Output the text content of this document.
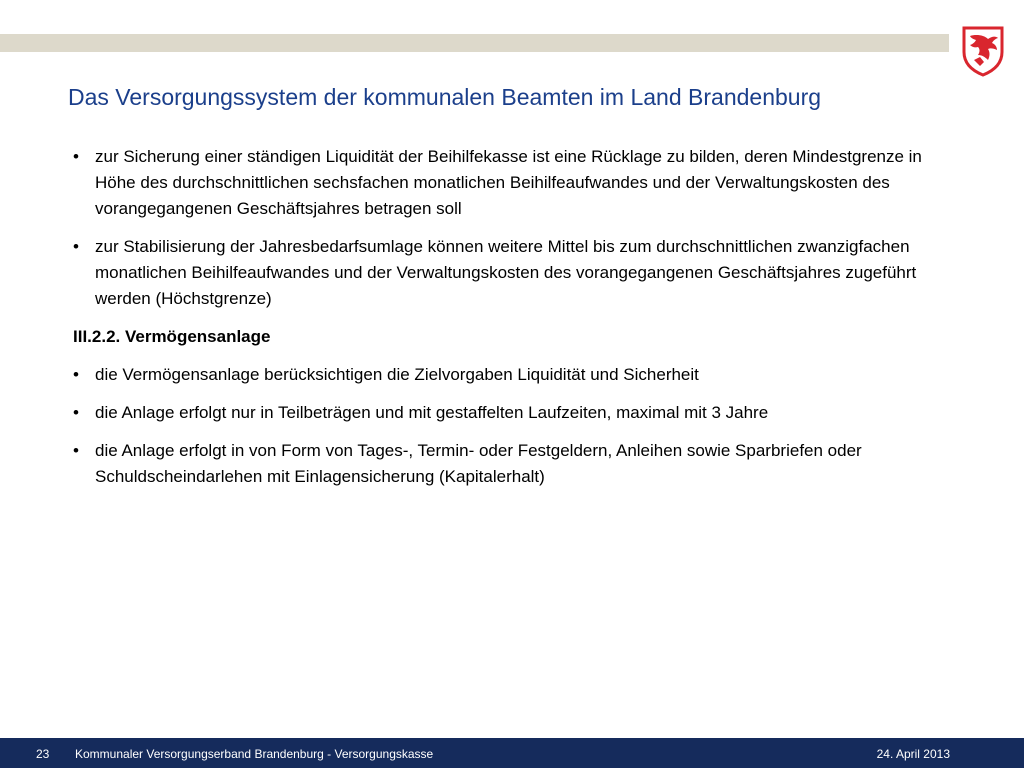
Das Versorgungssystem der kommunalen Beamten im Land Brandenburg
• zur Sicherung einer ständigen Liquidität der Beihilfekasse ist eine Rücklage zu bilden, deren Mindestgrenze in Höhe des durchschnittlichen sechsfachen monatlichen Beihilfeaufwandes und der Verwaltungskosten des vorangegangenen Geschäftsjahres betragen soll
• zur Stabilisierung der Jahresbedarfsumlage können weitere Mittel bis zum durchschnittlichen zwanzigfachen monatlichen Beihilfeaufwandes und der Verwaltungskosten des vorangegangenen Geschäftsjahres zugeführt werden (Höchstgrenze)
III.2.2. Vermögensanlage
• die Vermögensanlage berücksichtigen die Zielvorgaben Liquidität und Sicherheit
• die Anlage erfolgt nur in Teilbeträgen und mit gestaffelten Laufzeiten, maximal mit 3 Jahre
• die Anlage erfolgt in von Form von Tages-, Termin- oder Festgeldern, Anleihen sowie Sparbriefen oder Schuldscheindarlehen mit Einlagensicherung (Kapitalerhalt)
23 Kommunaler Versorgungserband Brandenburg - Versorgungskasse	24. April 2013
